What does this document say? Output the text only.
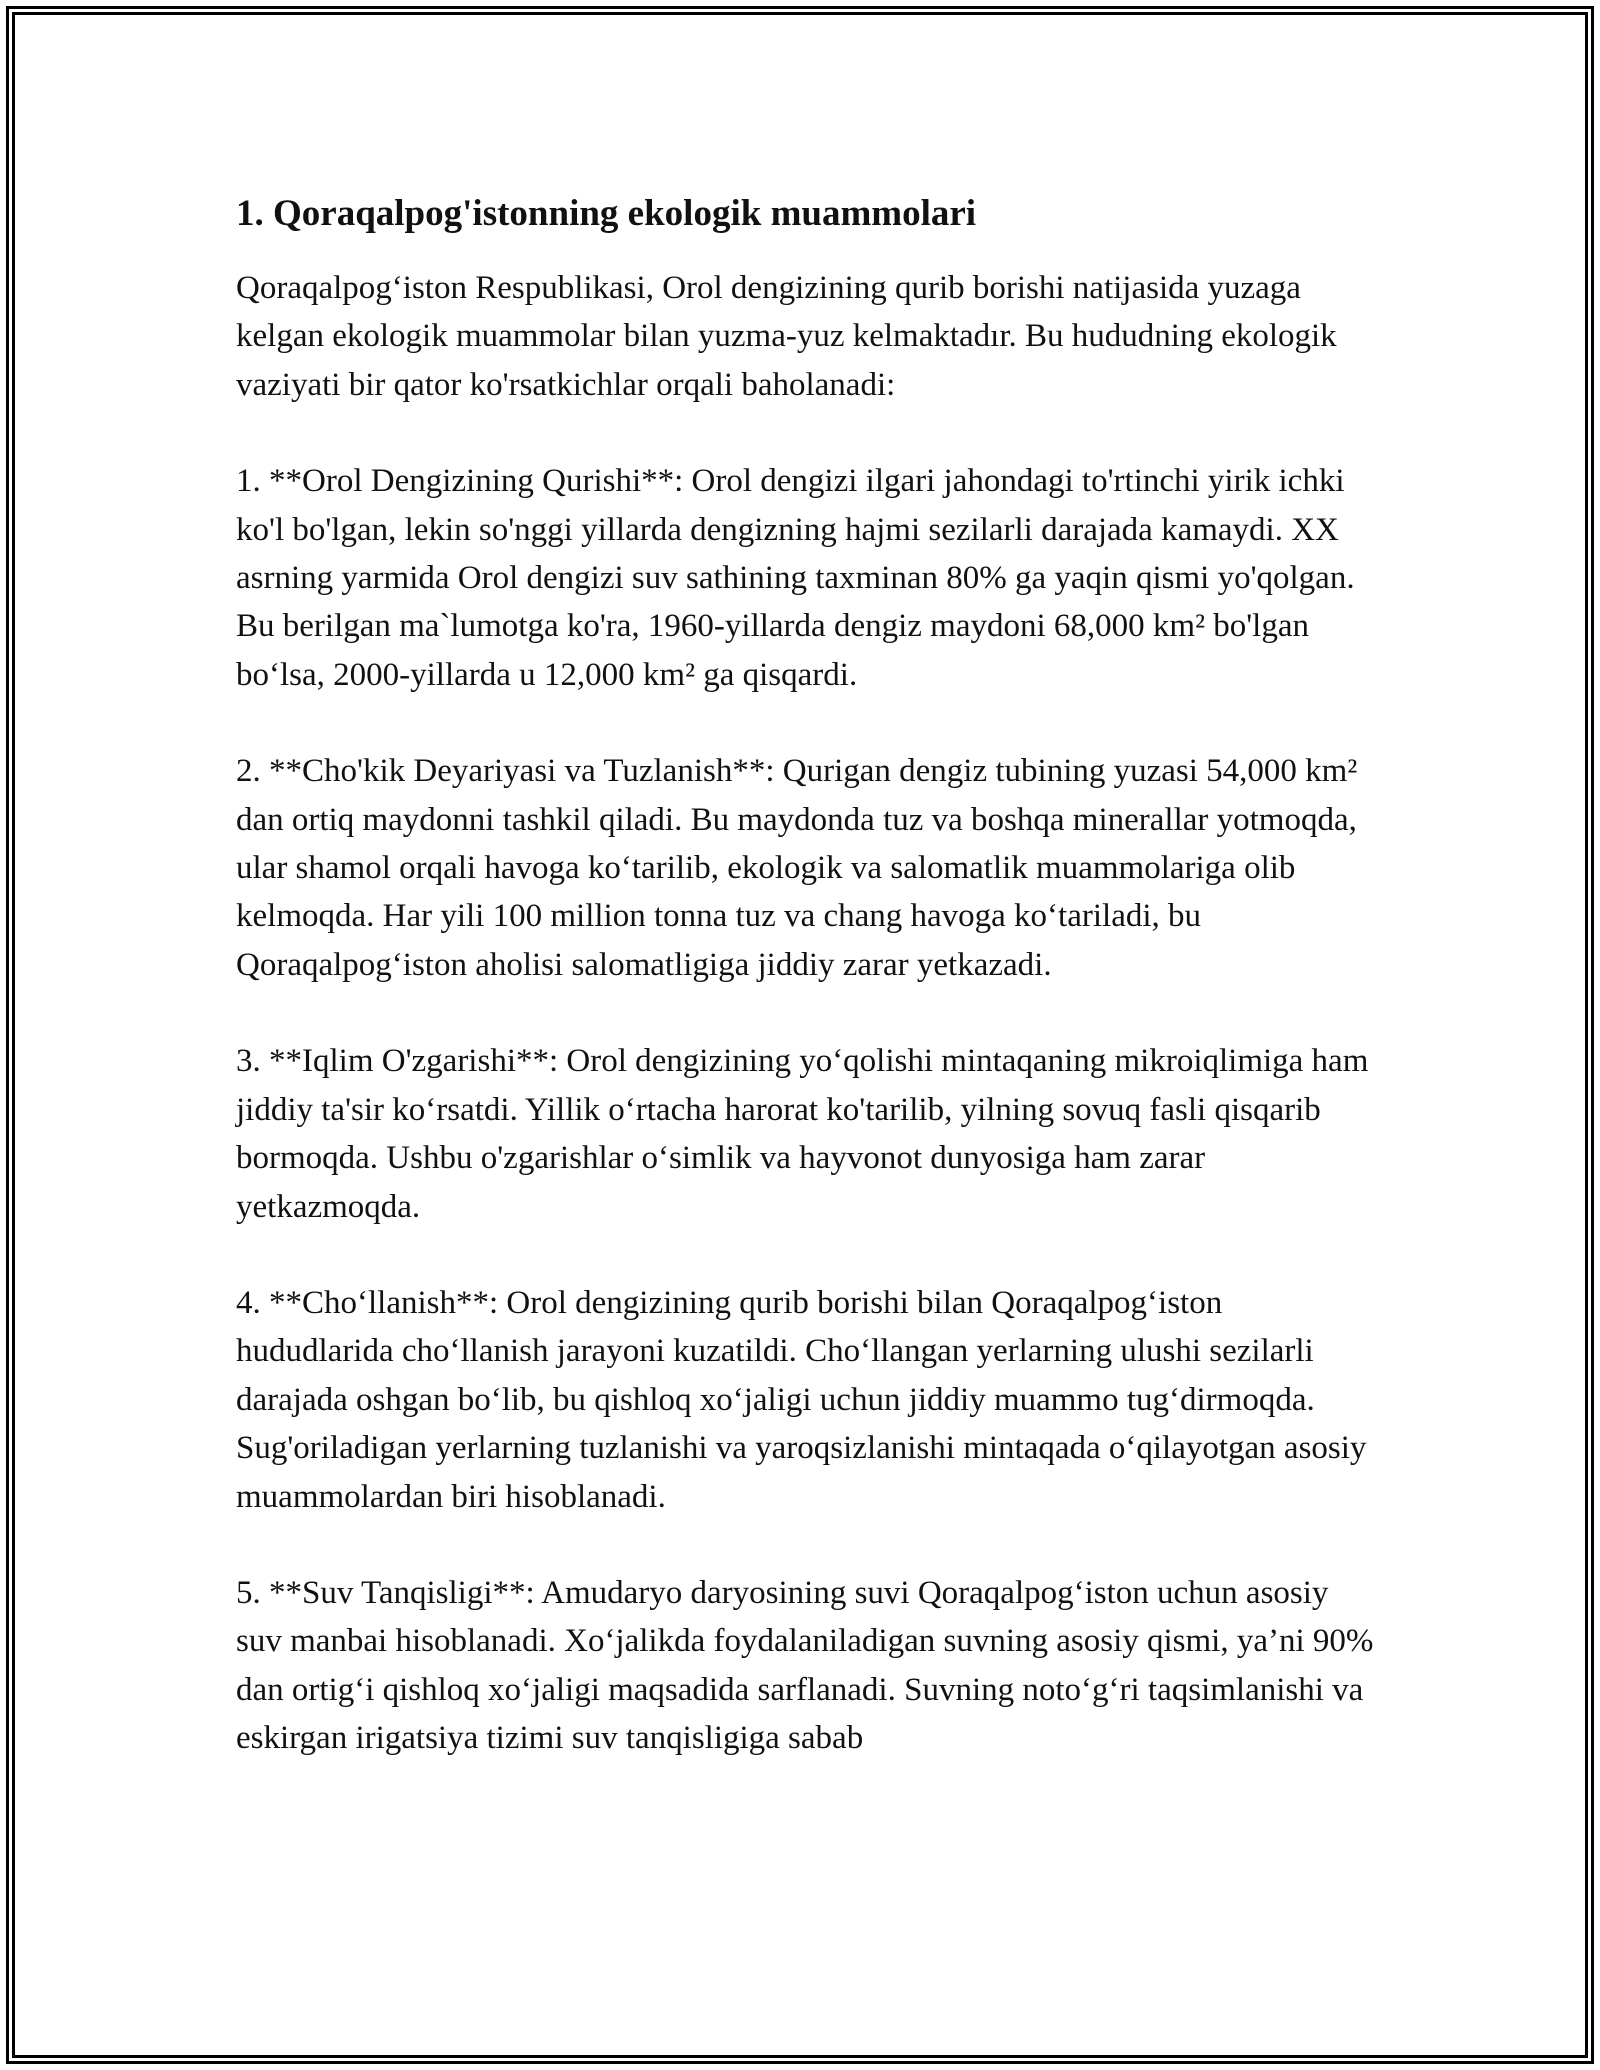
1. Qoraqalpog'istonning ekologik muammolari

Qoraqalpog‘iston Respublikasi, Orol dengizining qurib borishi natijasida yuzaga kelgan ekologik muammolar bilan yuzma-yuz kelmaktadır. Bu hududning ekologik vaziyati bir qator ko'rsatkichlar orqali baholanadi:

1. **Orol Dengizining Qurishi**: Orol dengizi ilgari jahondagi to'rtinchi yirik ichki ko'l bo'lgan, lekin so'nggi yillarda dengizning hajmi sezilarli darajada kamaydi. XX asrning yarmida Orol dengizi suv sathining taxminan 80% ga yaqin qismi yo'qolgan. Bu berilgan ma`lumotga ko'ra, 1960-yillarda dengiz maydoni 68,000 km² bo'lgan bo‘lsa, 2000-yillarda u 12,000 km² ga qisqardi.

2. **Cho'kik Deyariyasi va Tuzlanish**: Qurigan dengiz tubining yuzasi 54,000 km² dan ortiq maydonni tashkil qiladi. Bu maydonda tuz va boshqa minerallar yotmoqda, ular shamol orqali havoga ko‘tarilib, ekologik va salomatlik muammolariga olib kelmoqda. Har yili 100 million tonna tuz va chang havoga ko‘tariladi, bu Qoraqalpog‘iston aholisi salomatligiga jiddiy zarar yetkazadi.

3. **Iqlim O'zgarishi**: Orol dengizining yo‘qolishi mintaqaning mikroiqlimiga ham jiddiy ta'sir ko‘rsatdi. Yillik o‘rtacha harorat ko'tarilib, yilning sovuq fasli qisqarib bormoqda. Ushbu o'zgarishlar o‘simlik va hayvonot dunyosiga ham zarar yetkazmoqda.

4. **Cho‘llanish**: Orol dengizining qurib borishi bilan Qoraqalpog‘iston hududlarida cho‘llanish jarayoni kuzatildi. Cho‘llangan yerlarning ulushi sezilarli darajada oshgan bo‘lib, bu qishloq xo‘jaligi uchun jiddiy muammo tug‘dirmoqda. Sug'oriladigan yerlarning tuzlanishi va yaroqsizlanishi mintaqada o‘qilayotgan asosiy muammolardan biri hisoblanadi.

5. **Suv Tanqisligi**: Amudaryo daryosining suvi Qoraqalpog‘iston uchun asosiy suv manbai hisoblanadi. Xo‘jalikda foydalaniladigan suvning asosiy qismi, ya’ni 90% dan ortig‘i qishloq xo‘jaligi maqsadida sarflanadi. Suvning noto‘g‘ri taqsimlanishi va eskirgan irigatsiya tizimi suv tanqisligiga sabab
